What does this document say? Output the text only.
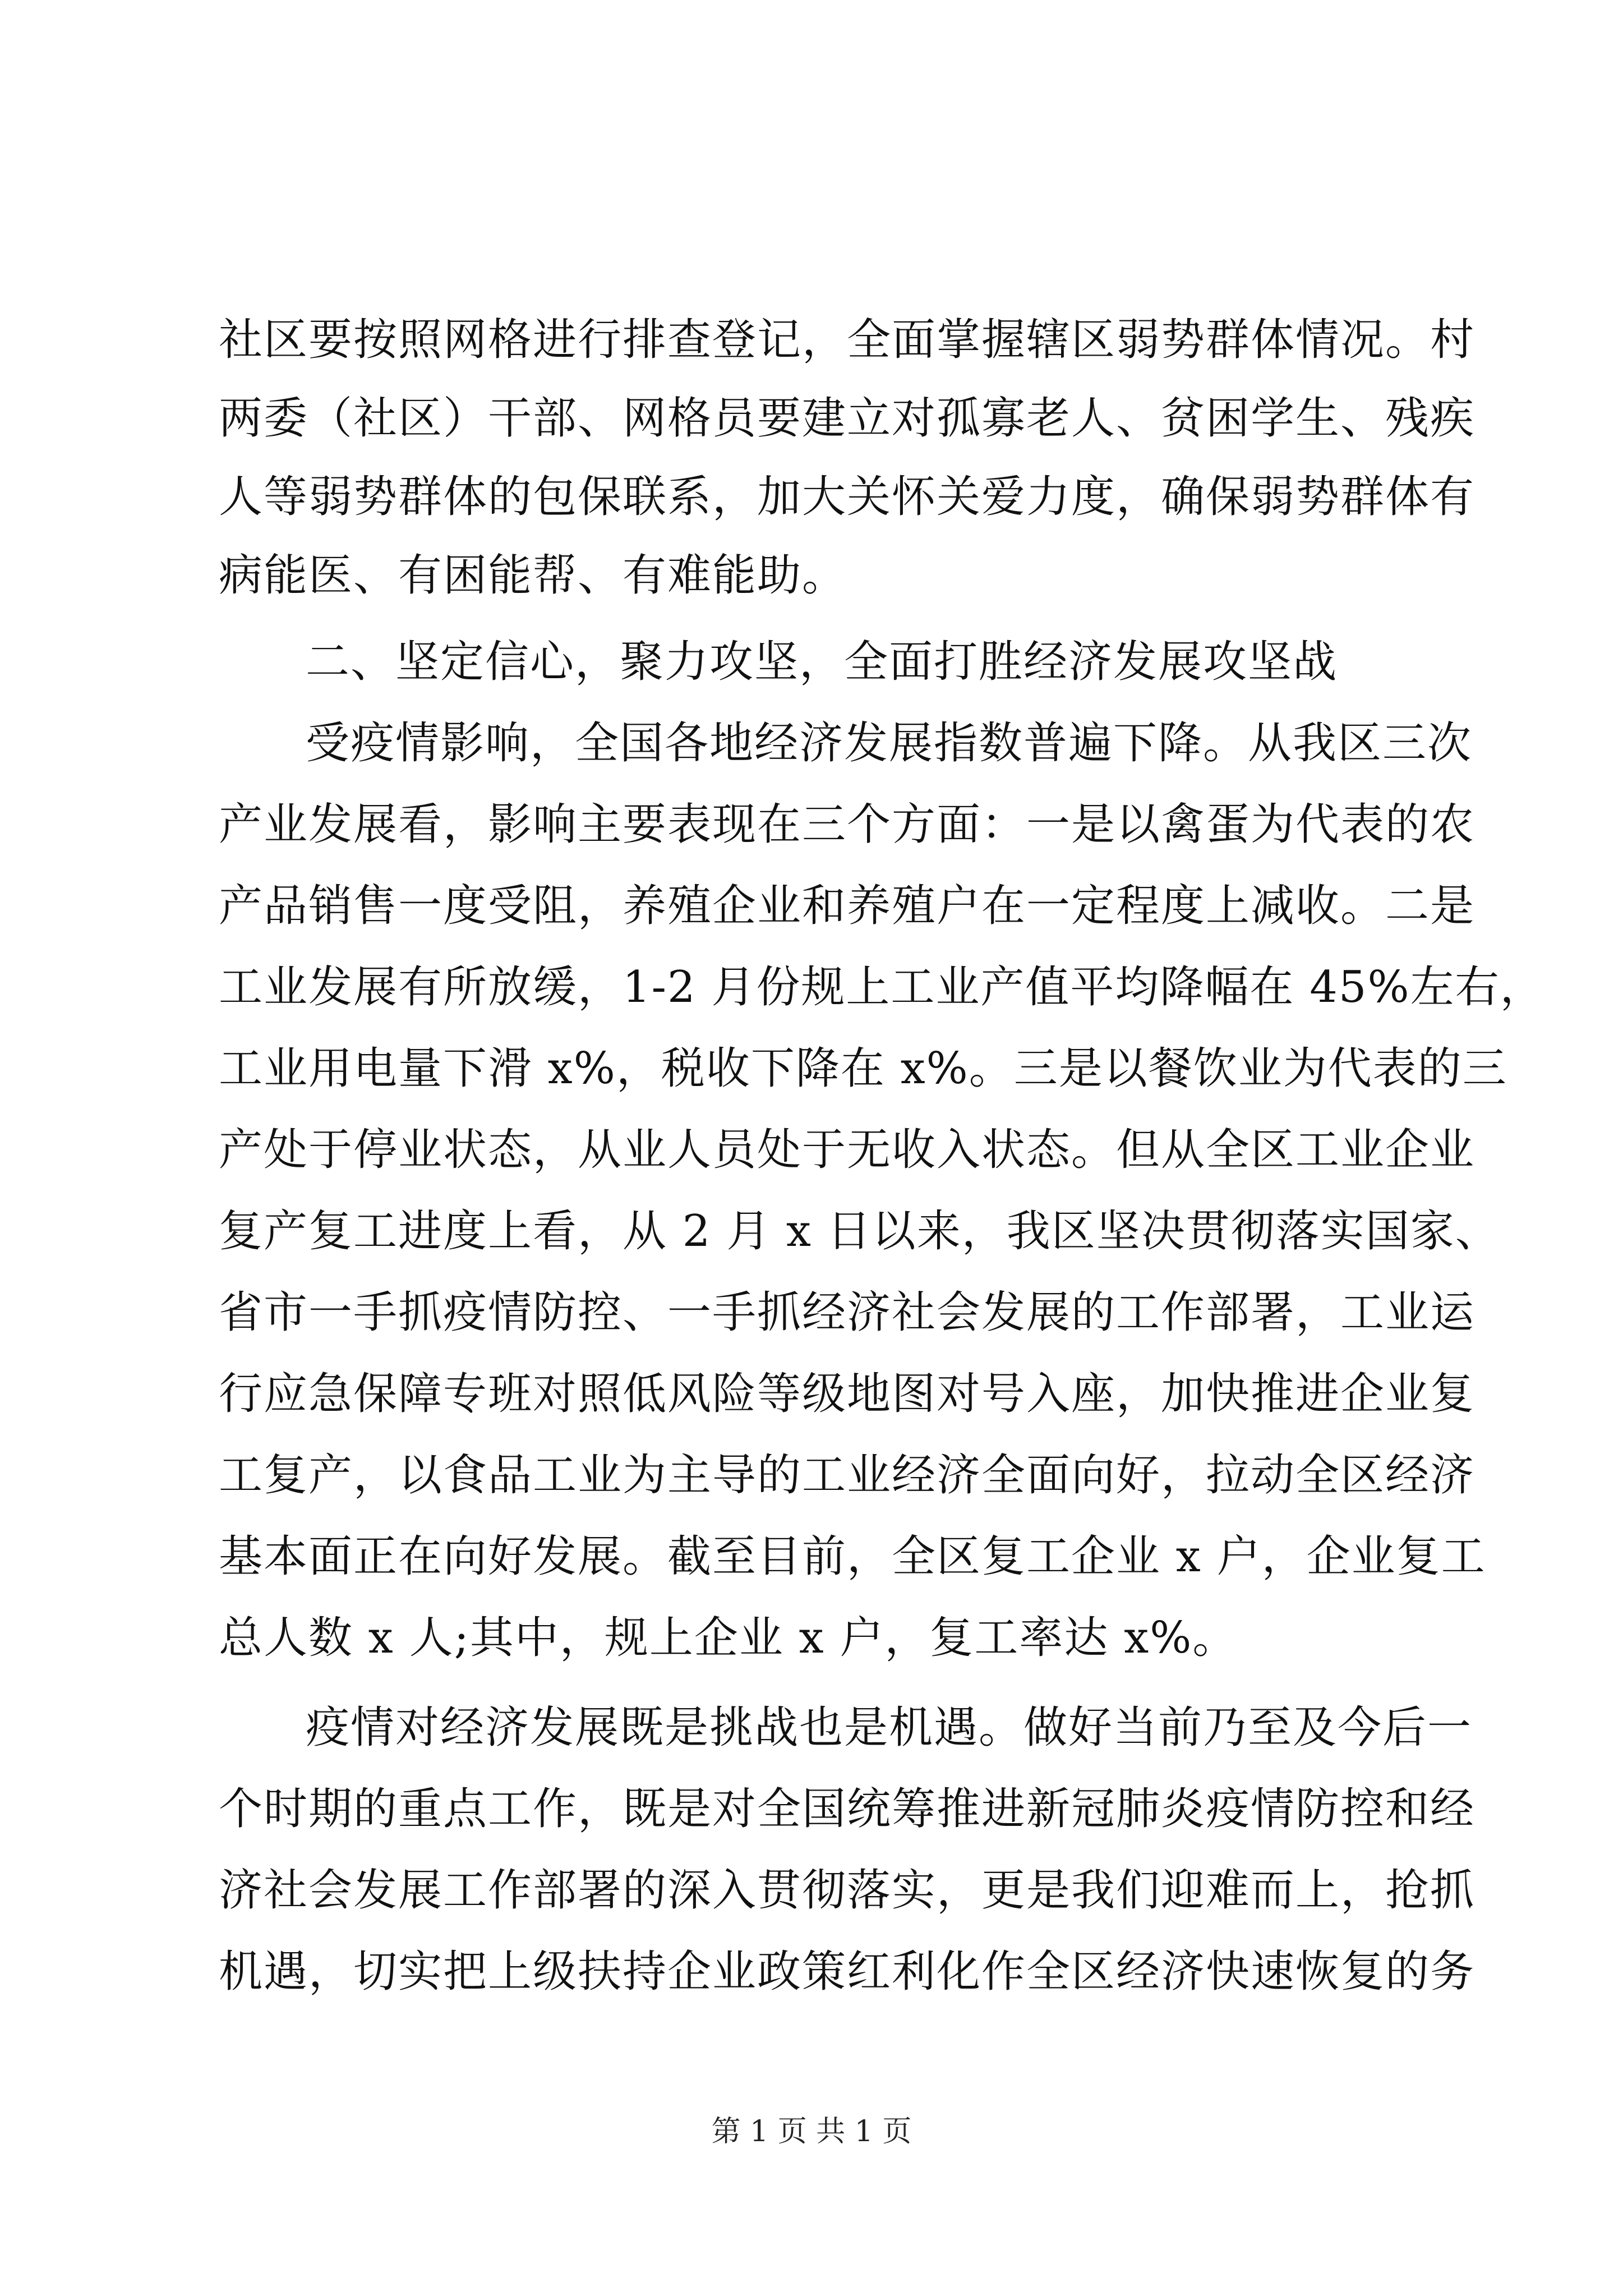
社区要按照网格进行排查登记，全面掌握辖区弱势群体情况。村
两委（社区）干部、网格员要建立对孤寡老人、贫困学生、残疾
人等弱势群体的包保联系，加大关怀关爱力度，确保弱势群体有
病能医、有困能帮、有难能助。
二、坚定信心，聚力攻坚，全面打胜经济发展攻坚战
受疫情影响，全国各地经济发展指数普遍下降。从我区三次
产业发展看，影响主要表现在三个方面：一是以禽蛋为代表的农
产品销售一度受阻，养殖企业和养殖户在一定程度上减收。二是
工业发展有所放缓，1-2 月份规上工业产值平均降幅在 45%左右，
工业用电量下滑 x%，税收下降在 x%。三是以餐饮业为代表的三
产处于停业状态，从业人员处于无收入状态。但从全区工业企业
复产复工进度上看，从 2 月 x 日以来，我区坚决贯彻落实国家、
省市一手抓疫情防控、一手抓经济社会发展的工作部署，工业运
行应急保障专班对照低风险等级地图对号入座，加快推进企业复
工复产，以食品工业为主导的工业经济全面向好，拉动全区经济
基本面正在向好发展。截至目前，全区复工企业 x 户，企业复工
总人数 x 人;其中，规上企业 x 户，复工率达 x%。
疫情对经济发展既是挑战也是机遇。做好当前乃至及今后一
个时期的重点工作，既是对全国统筹推进新冠肺炎疫情防控和经
济社会发展工作部署的深入贯彻落实，更是我们迎难而上，抢抓
机遇，切实把上级扶持企业政策红利化作全区经济快速恢复的务
第 1 页 共 1 页
